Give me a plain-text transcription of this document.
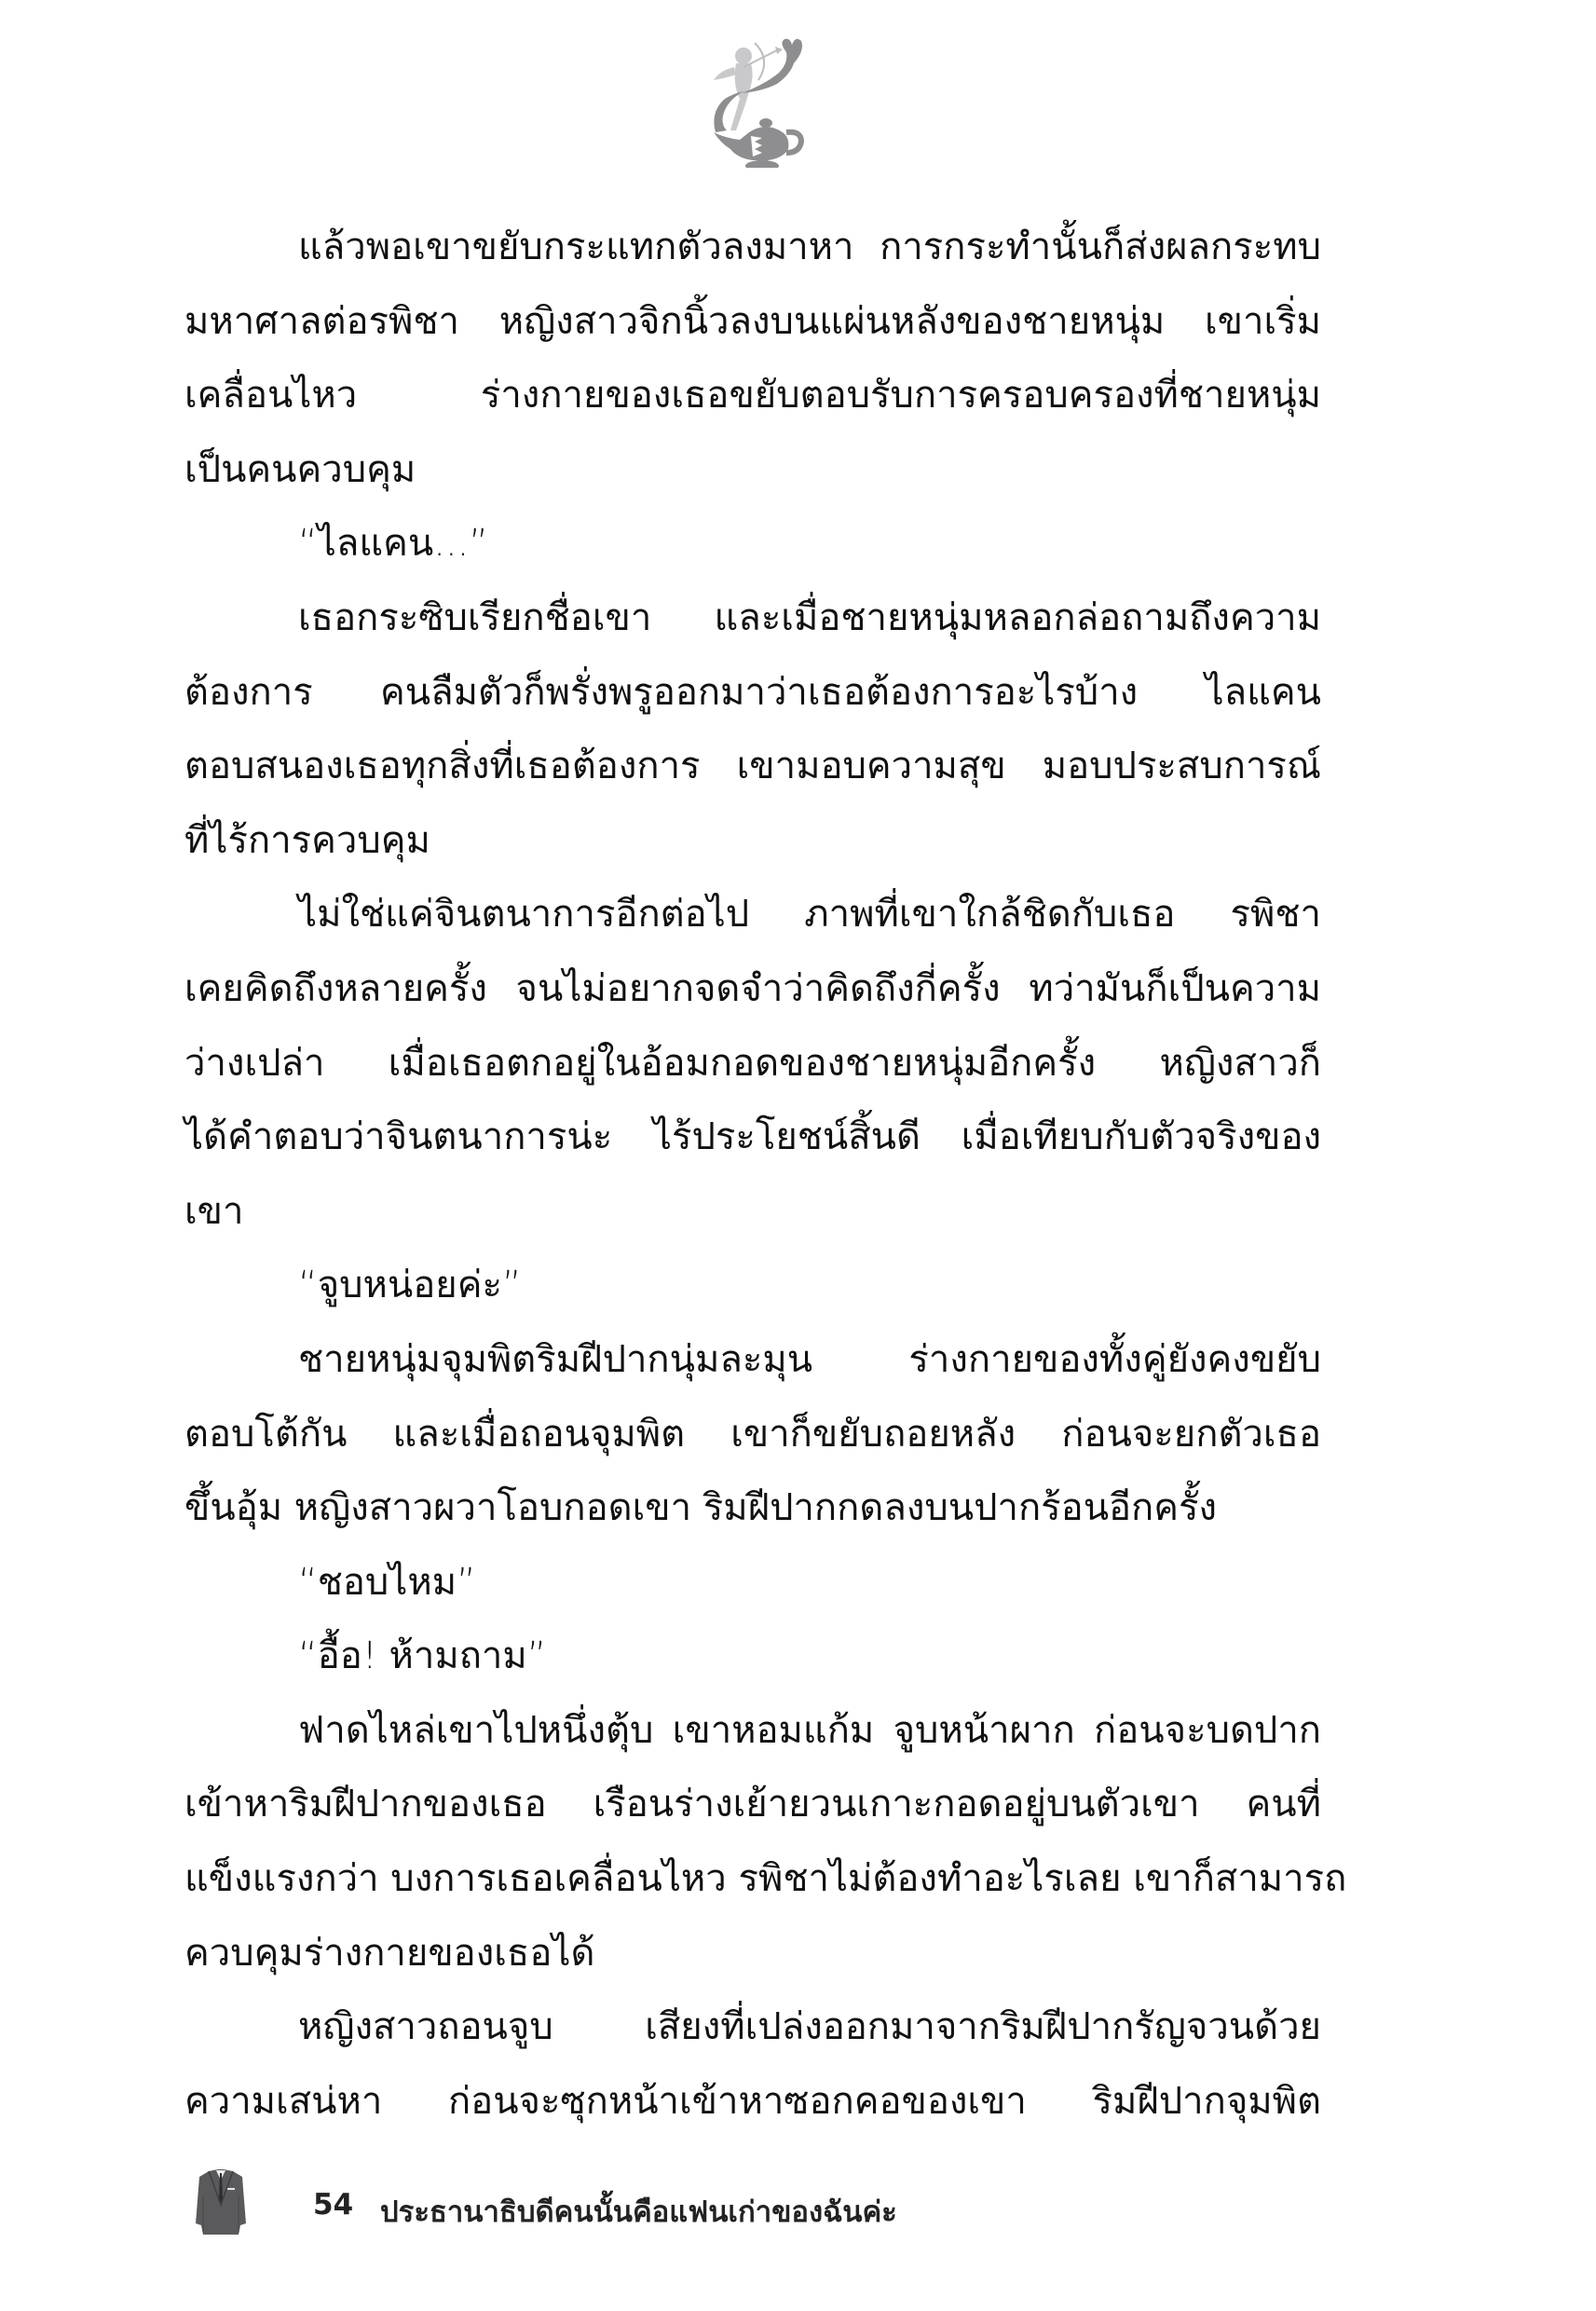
แล้วพอเขาขยับกระแทกตัวลงมาหา การกระทำนั้นก็ส่งผลกระทบ
มหาศาลต่อรพิชา หญิงสาวจิกนิ้วลงบนแผ่นหลังของชายหนุ่ม เขาเริ่ม
เคลื่อนไหว ร่างกายของเธอขยับตอบรับการครอบครองที่ชายหนุ่ม
เป็นคนควบคุม
“ไลแคน...”
เธอกระซิบเรียกชื่อเขา และเมื่อชายหนุ่มหลอกล่อถามถึงความ
ต้องการ คนลืมตัวก็พรั่งพรูออกมาว่าเธอต้องการอะไรบ้าง ไลแคน
ตอบสนองเธอทุกสิ่งที่เธอต้องการ เขามอบความสุข มอบประสบการณ์
ที่ไร้การควบคุม
ไม่ใช่แค่จินตนาการอีกต่อไป ภาพที่เขาใกล้ชิดกับเธอ รพิชา
เคยคิดถึงหลายครั้ง จนไม่อยากจดจำว่าคิดถึงกี่ครั้ง ทว่ามันก็เป็นความ
ว่างเปล่า เมื่อเธอตกอยู่ในอ้อมกอดของชายหนุ่มอีกครั้ง หญิงสาวก็
ได้คำตอบว่าจินตนาการน่ะ ไร้ประโยชน์สิ้นดี เมื่อเทียบกับตัวจริงของ
เขา
“จูบหน่อยค่ะ”
ชายหนุ่มจุมพิตริมฝีปากนุ่มละมุน ร่างกายของทั้งคู่ยังคงขยับ
ตอบโต้กัน และเมื่อถอนจุมพิต เขาก็ขยับถอยหลัง ก่อนจะยกตัวเธอ
ขึ้นอุ้ม หญิงสาวผวาโอบกอดเขา ริมฝีปากกดลงบนปากร้อนอีกครั้ง
“ชอบไหม”
“อื้อ! ห้ามถาม”
ฟาดไหล่เขาไปหนึ่งตุ้บ เขาหอมแก้ม จูบหน้าผาก ก่อนจะบดปาก
เข้าหาริมฝีปากของเธอ เรือนร่างเย้ายวนเกาะกอดอยู่บนตัวเขา คนที่
แข็งแรงกว่า บงการเธอเคลื่อนไหว รพิชาไม่ต้องทำอะไรเลย เขาก็สามารถ
ควบคุมร่างกายของเธอได้
หญิงสาวถอนจูบ เสียงที่เปล่งออกมาจากริมฝีปากรัญจวนด้วย
ความเสน่หา ก่อนจะซุกหน้าเข้าหาซอกคอของเขา ริมฝีปากจุมพิต
54 ประธานาธิบดีคนนั้นคือแฟนเก่าของฉันค่ะ
